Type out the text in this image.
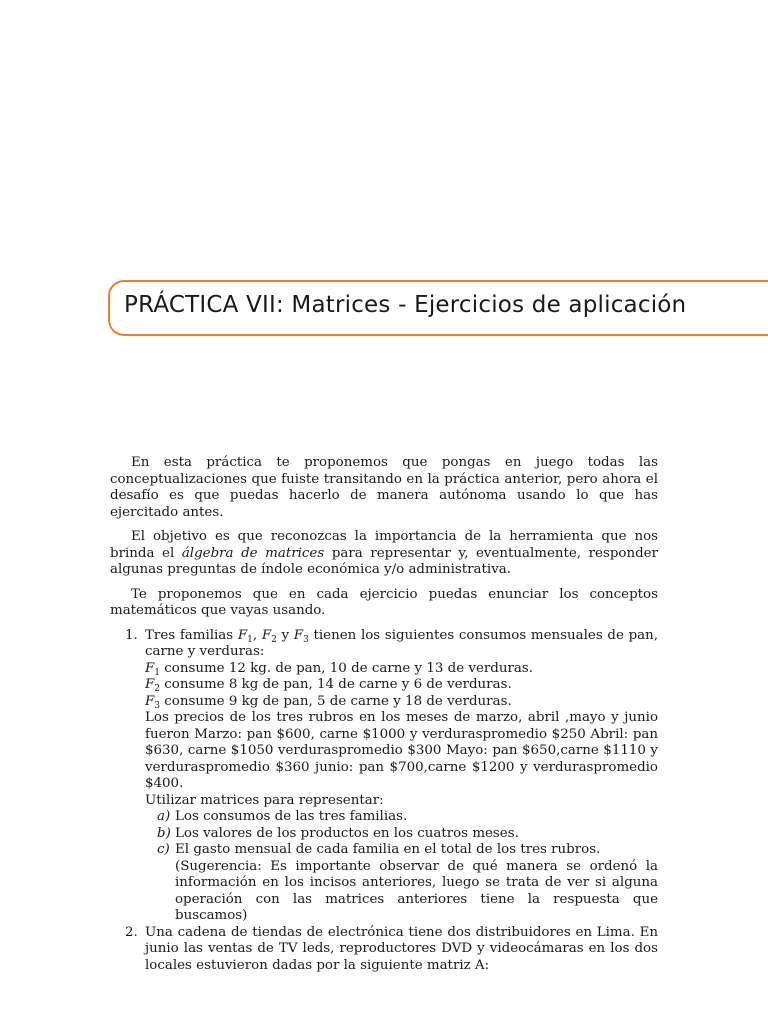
PRÁCTICA VII: Matrices - Ejercicios de aplicación

En esta práctica te proponemos que pongas en juego todas las conceptualizaciones que fuiste transitando en la práctica anterior, pero ahora el desafío es que puedas hacerlo de manera autónoma usando lo que has ejercitado antes.

El objetivo es que reconozcas la importancia de la herramienta que nos brinda el álgebra de matrices para representar y, eventualmente, responder algunas preguntas de índole económica y/o administrativa.

Te proponemos que en cada ejercicio puedas enunciar los conceptos matemáticos que vayas usando.

1. Tres familias $F_1$, $F_2$ y $F_3$ tienen los siguientes consumos mensuales de pan, carne y verduras:
$F_1$ consume 12 kg. de pan, 10 de carne y 13 de verduras.
$F_2$ consume 8 kg de pan, 14 de carne y 6 de verduras.
$F_3$ consume 9 kg de pan, 5 de carne y 18 de verduras.
Los precios de los tres rubros en los meses de marzo, abril ,mayo y junio fueron Marzo: pan $600, carne $1000 y verduraspromedio $250 Abril: pan $630, carne $1050 verduraspromedio $300 Mayo: pan $650,carne $1110 y verduraspromedio $360 junio: pan $700,carne $1200 y verduraspromedio $400.
Utilizar matrices para representar:
a) Los consumos de las tres familias.
b) Los valores de los productos en los cuatros meses.
c) El gasto mensual de cada familia en el total de los tres rubros.
(Sugerencia: Es importante observar de qué manera se ordenó la información en los incisos anteriores, luego se trata de ver si alguna operación con las matrices anteriores tiene la respuesta que buscamos)
2. Una cadena de tiendas de electrónica tiene dos distribuidores en Lima. En junio las ventas de TV leds, reproductores DVD y videocámaras en los dos locales estuvieron dadas por la siguiente matriz A:
